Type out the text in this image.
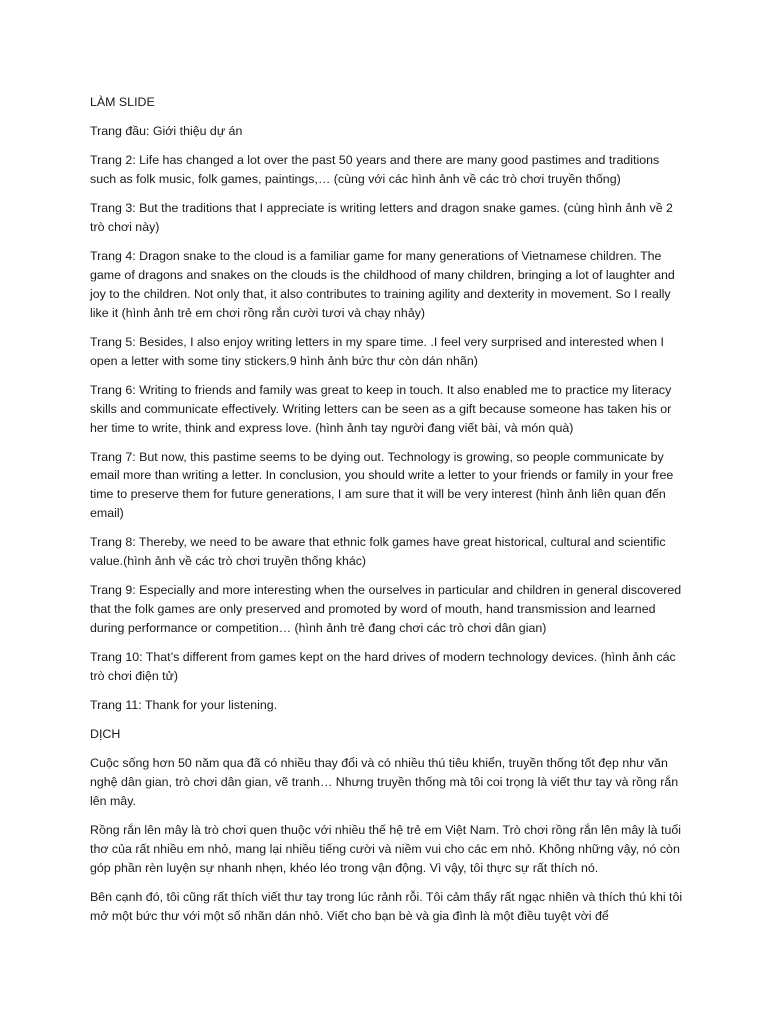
LÀM SLIDE

Trang đầu: Giới thiệu dự án

Trang 2: Life has changed a lot over the past 50 years and there are many good pastimes and traditions such as folk music, folk games, paintings,… (cùng với các hình ảnh về các trò chơi truyền thống)

Trang 3: But the traditions that I appreciate is writing letters and dragon snake games. (cùng hình ảnh về 2 trò chơi này)

Trang 4: Dragon snake to the cloud is a familiar game for many generations of Vietnamese children. The game of dragons and snakes on the clouds is the childhood of many children, bringing a lot of laughter and joy to the children. Not only that, it also contributes to training agility and dexterity in movement. So I really like it (hình ảnh trẻ em chơi rồng rắn cười tươi và chạy nhảy)

Trang 5: Besides, I also enjoy writing letters in my spare time. .I feel very surprised and interested when I open a letter with some tiny stickers.9 hình ảnh bức thư còn dán nhãn)

Trang 6: Writing to friends and family was great to keep in touch. It also enabled me to practice my literacy skills and communicate effectively. Writing letters can be seen as a gift because someone has taken his or her time to write, think and express love. (hình ảnh tay người đang viết bài, và món quà)

Trang 7: But now, this pastime seems to be dying out. Technology is growing, so people communicate by email more than writing a letter. In conclusion, you should write a letter to your friends or family in your free time to preserve them for future generations, I am sure that it will be very interest (hình ảnh liên quan đến email)

Trang 8: Thereby, we need to be aware that ethnic folk games have great historical, cultural and scientific value.(hình ảnh về các trò chơi truyền thống khác)

Trang 9: Especially and more interesting when the ourselves in particular and children in general discovered that the folk games are only preserved and promoted by word of mouth, hand transmission and learned during performance or competition… (hình ảnh trẻ đang chơi các trò chơi dân gian)

Trang 10: That’s different from games kept on the hard drives of modern technology devices. (hình ảnh các trò chơi điện tử)

Trang 11: Thank for your listening.

DỊCH

Cuộc sống hơn 50 năm qua đã có nhiều thay đổi và có nhiều thú tiêu khiển, truyền thống tốt đẹp như văn nghệ dân gian, trò chơi dân gian, vẽ tranh… Nhưng truyền thống mà tôi coi trọng là viết thư tay và rồng rắn lên mây.

Rồng rắn lên mây là trò chơi quen thuộc với nhiều thế hệ trẻ em Việt Nam. Trò chơi rồng rắn lên mây là tuổi thơ của rất nhiều em nhỏ, mang lại nhiều tiếng cười và niềm vui cho các em nhỏ. Không những vậy, nó còn góp phần rèn luyện sự nhanh nhẹn, khéo léo trong vận động. Vì vậy, tôi thực sự rất thích nó.

Bên cạnh đó, tôi cũng rất thích viết thư tay trong lúc rảnh rỗi. Tôi cảm thấy rất ngạc nhiên và thích thú khi tôi mở một bức thư với một số nhãn dán nhỏ. Viết cho bạn bè và gia đình là một điều tuyệt vời để
